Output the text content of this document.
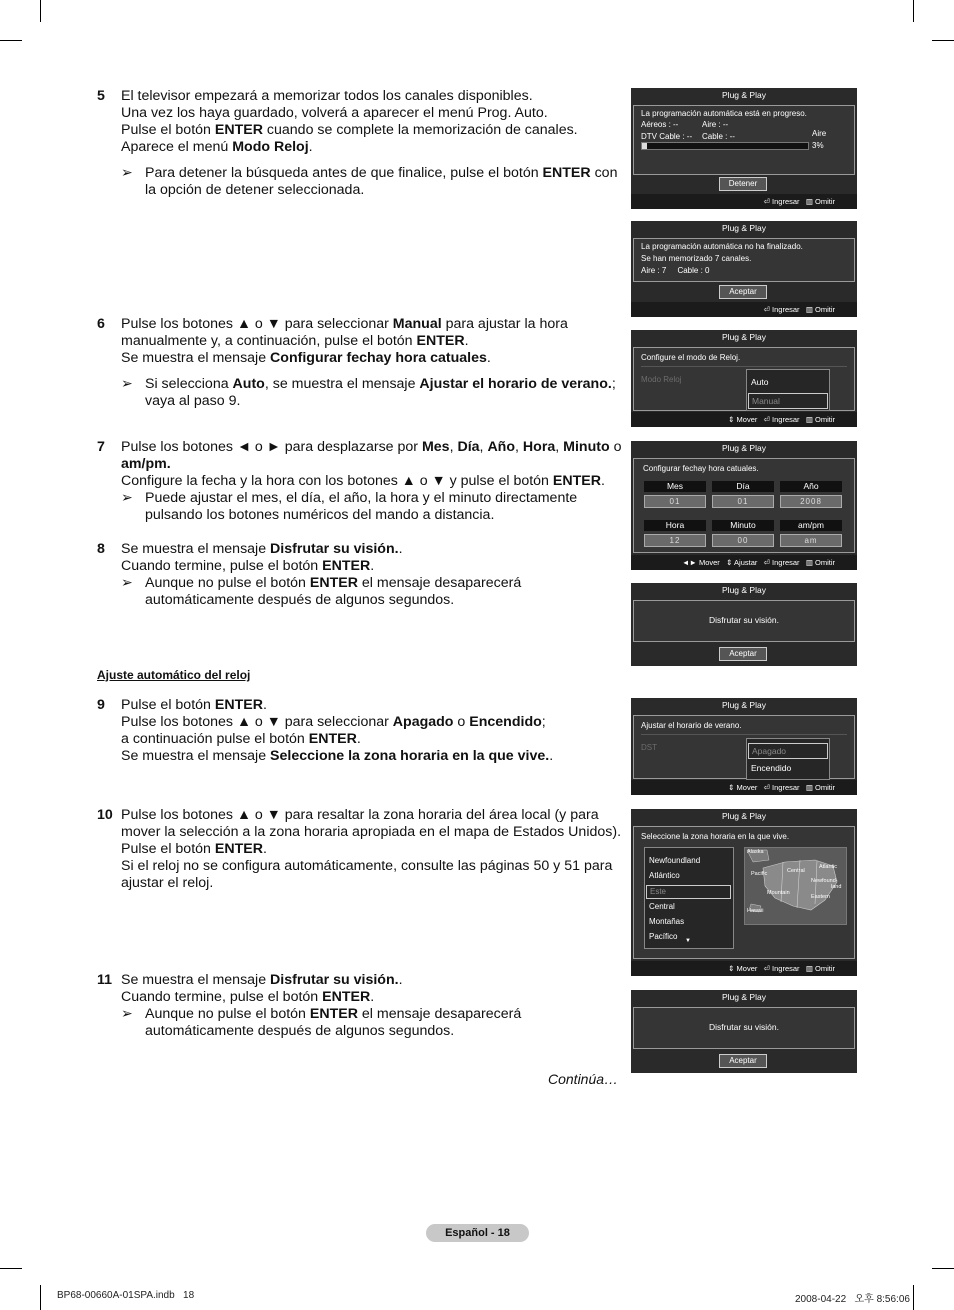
5 El televisor empezará a memorizar todos los canales disponibles.
Una vez los haya guardado, volverá a aparecer el menú Prog. Auto.
Pulse el botón ENTER cuando se complete la memorización de canales.
Aparece el menú Modo Reloj.
➢ Para detener la búsqueda antes de que finalice, pulse el botón ENTER con la opción de detener seleccionada.
6 Pulse los botones ▲ o ▼ para seleccionar Manual para ajustar la hora manualmente y, a continuación, pulse el botón ENTER.
Se muestra el mensaje Configurar fechay hora catuales.
➢ Si selecciona Auto, se muestra el mensaje Ajustar el horario de verano.; vaya al paso 9.
7 Pulse los botones ◄ o ► para desplazarse por Mes, Día, Año, Hora, Minuto o am/pm.
Configure la fecha y la hora con los botones ▲ o ▼ y pulse el botón ENTER.
➢ Puede ajustar el mes, el día, el año, la hora y el minuto directamente pulsando los botones numéricos del mando a distancia.
8 Se muestra el mensaje Disfrutar su visión..
Cuando termine, pulse el botón ENTER.
➢ Aunque no pulse el botón ENTER el mensaje desaparecerá automáticamente después de algunos segundos.
Ajuste automático del reloj
9 Pulse el botón ENTER.
Pulse los botones ▲ o ▼ para seleccionar Apagado o Encendido;
a continuación pulse el botón ENTER.
Se muestra el mensaje Seleccione la zona horaria en la que vive..
10 Pulse los botones ▲ o ▼ para resaltar la zona horaria del área local (y para mover la selección a la zona horaria apropiada en el mapa de Estados Unidos).
Pulse el botón ENTER.
Si el reloj no se configura automáticamente, consulte las páginas 50 y 51 para ajustar el reloj.
11 Se muestra el mensaje Disfrutar su visión..
Cuando termine, pulse el botón ENTER.
➢ Aunque no pulse el botón ENTER el mensaje desaparecerá automáticamente después de algunos segundos.
Continúa…
Plug & Play
La programación automática está en progreso.
Aéreos : --	Aire : --
DTV Cable : -- Cable : --	Aire
3%
Detener
⏎ Ingresar ▥ Omitir
Plug & Play
La programación automática no ha finalizado.
Se han memorizado 7 canales.
Aire : 7     Cable : 0
Aceptar
⏎ Ingresar ▥ Omitir
Plug & Play
Configure el modo de Reloj.
Modo Reloj	Auto
Manual
⇕ Mover ⏎ Ingresar ▥ Omitir
Plug & Play
Configurar fechay hora catuales.
Mes	Día	Año
01	01	2008
Hora	Minuto	am/pm
12	00	am
◄► Mover ⇕ Ajustar ⏎ Ingresar ▥ Omitir
Plug & Play
Disfrutar su visión.
Aceptar
Plug & Play
Ajustar el horario de verano.
DST	Apagado
Encendido
⇕ Mover ⏎ Ingresar ▥ Omitir
Plug & Play
Seleccione la zona horaria en la que vive.
Newfoundland
Atlántico
Este
Central
Montañas
Pacífico ▼
Alaska
Pacific
Mountain
Central
Eastern
Atlantic
Newfound-
land
Hawaii
⇕ Mover ⏎ Ingresar ▥ Omitir
Plug & Play
Disfrutar su visión.
Aceptar
Español - 18
BP68-00660A-01SPA.indb   18	2008-04-22   오후 8:56:06
